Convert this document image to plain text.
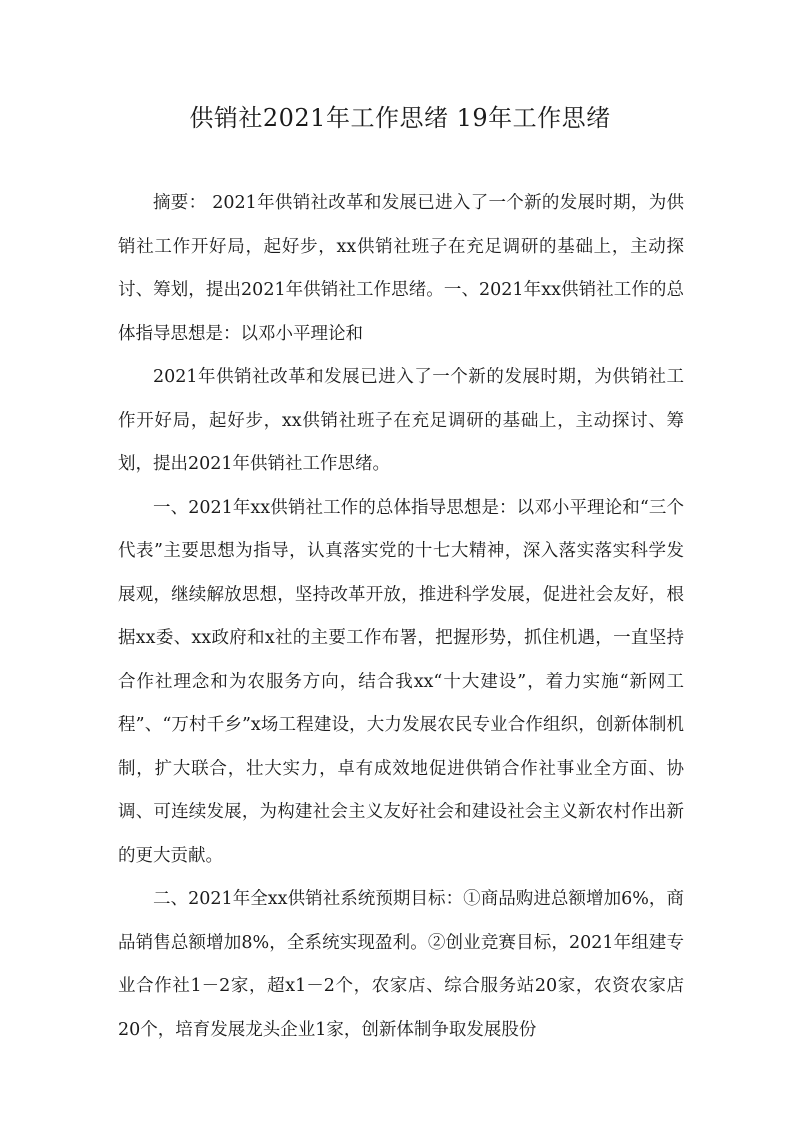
供销社2021年工作思绪 19年工作思绪

摘要： 2021年供销社改革和发展已进入了一个新的发展时期，为供销社工作开好局，起好步，xx供销社班子在充足调研的基础上，主动探讨、筹划，提出2021年供销社工作思绪。一、2021年xx供销社工作的总体指导思想是：以邓小平理论和

2021年供销社改革和发展已进入了一个新的发展时期，为供销社工作开好局，起好步，xx供销社班子在充足调研的基础上，主动探讨、筹划，提出2021年供销社工作思绪。

一、2021年xx供销社工作的总体指导思想是：以邓小平理论和“三个代表”主要思想为指导，认真落实党的十七大精神，深入落实落实科学发展观，继续解放思想，坚持改革开放，推进科学发展，促进社会友好，根据xx委、xx政府和x社的主要工作布署，把握形势，抓住机遇，一直坚持合作社理念和为农服务方向，结合我xx“十大建设”，着力实施“新网工程”、“万村千乡”x场工程建设，大力发展农民专业合作组织，创新体制机制，扩大联合，壮大实力，卓有成效地促进供销合作社事业全方面、协调、可连续发展，为构建社会主义友好社会和建设社会主义新农村作出新的更大贡献。

二、2021年全xx供销社系统预期目标：①商品购进总额增加6%，商品销售总额增加8%，全系统实现盈利。②创业竞赛目标，2021年组建专业合作社1－2家，超x1－2个，农家店、综合服务站20家，农资农家店20个，培育发展龙头企业1家，创新体制争取发展股份
